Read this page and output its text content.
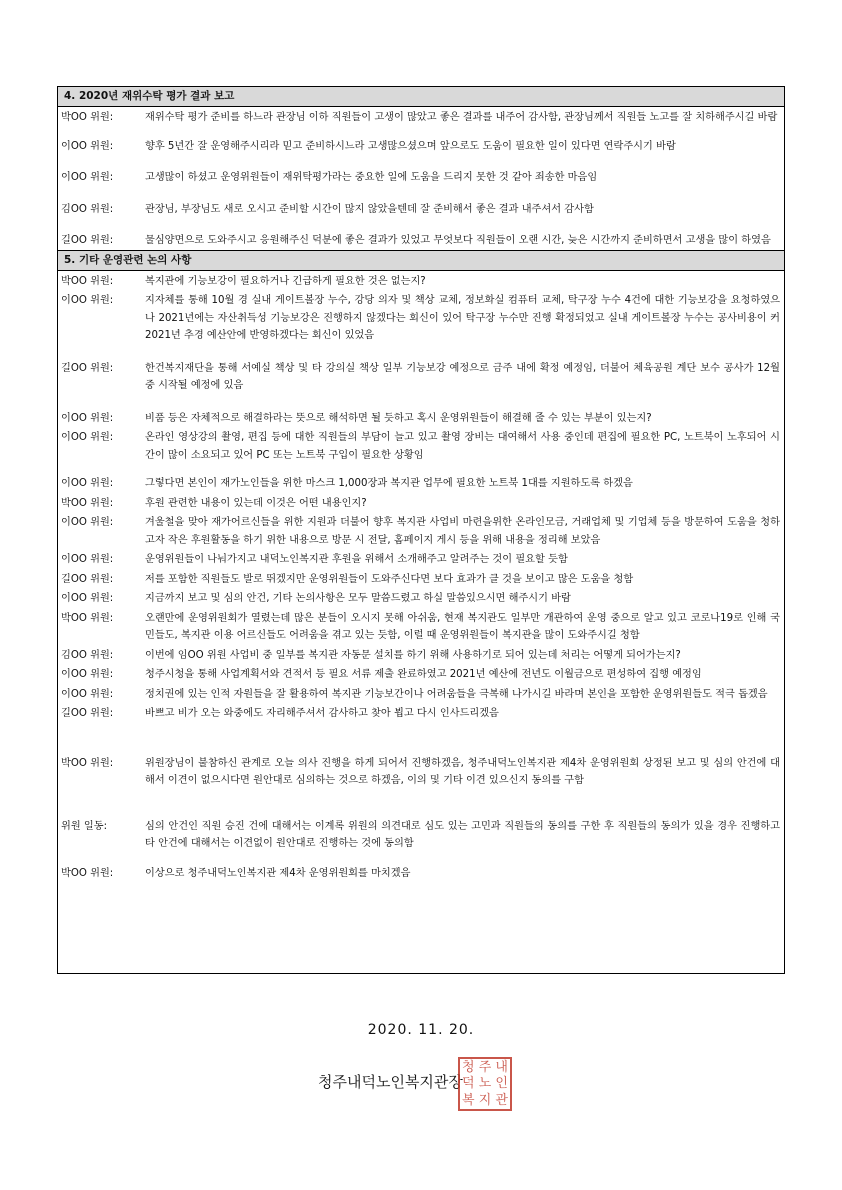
4. 2020년 재위수탁 평가 결과 보고
박OO 위원:	재위수탁 평가 준비를 하느라 관장님 이하 직원들이 고생이 많았고 좋은 결과를 내주어 감사함, 관장님께서 직원들 노고를 잘 치하해주시길 바람
이OO 위원:	향후 5년간 잘 운영해주시리라 믿고 준비하시느라 고생많으셨으며 앞으로도 도움이 필요한 일이 있다면 연락주시기 바람
이OO 위원:	고생많이 하셨고 운영위원들이 재위탁평가라는 중요한 일에 도움을 드리지 못한 것 같아 죄송한 마음임
김OO 위원:	관장님, 부장님도 새로 오시고 준비할 시간이 많지 않았을텐데 잘 준비해서 좋은 결과 내주셔서 감사함
길OO 위원:	물심양면으로 도와주시고 응원해주신 덕분에 좋은 결과가 있었고 무엇보다 직원들이 오랜 시간, 늦은 시간까지 준비하면서 고생을 많이 하였음
5. 기타 운영관련 논의 사항
박OO 위원:	복지관에 기능보강이 필요하거나 긴급하게 필요한 것은 없는지?
이OO 위원:	지자체를 통해 10월 경 실내 게이트볼장 누수, 강당 의자 및 책상 교체, 정보화실 컴퓨터 교체, 탁구장 누수 4건에 대한 기능보강을 요청하였으나 2021년에는 자산취득성 기능보강은 진행하지 않겠다는 회신이 있어 탁구장 누수만 진행 확정되었고 실내 게이트볼장 누수는 공사비용이 커 2021년 추경 예산안에 반영하겠다는 회신이 있었음
길OO 위원:	한건복지재단을 통해 서예실 책상 및 타 강의실 책상 일부 기능보강 예정으로 금주 내에 확정 예정임, 더불어 체육공원 계단 보수 공사가 12월 중 시작될 예정에 있음
이OO 위원:	비품 등은 자체적으로 해결하라는 뜻으로 해석하면 될 듯하고 혹시 운영위원들이 해결해 줄 수 있는 부분이 있는지?
이OO 위원:	온라인 영상강의 촬영, 편집 등에 대한 직원들의 부담이 늘고 있고 촬영 장비는 대여해서 사용 중인데 편집에 필요한 PC, 노트북이 노후되어 시간이 많이 소요되고 있어 PC 또는 노트북 구입이 필요한 상황임
이OO 위원:	그렇다면 본인이 재가노인들을 위한 마스크 1,000장과 복지관 업무에 필요한 노트북 1대를 지원하도록 하겠음
박OO 위원:	후원 관련한 내용이 있는데 이것은 어떤 내용인지?
이OO 위원:	겨울철을 맞아 재가어르신들을 위한 지원과 더불어 향후 복지관 사업비 마련을위한 온라인모금, 거래업체 및 기업체 등을 방문하여 도움을 청하고자 작은 후원활동을 하기 위한 내용으로 방문 시 전달, 홈페이지 게시 등을 위해 내용을 정리해 보았음
이OO 위원:	운영위원들이 나눠가지고 내덕노인복지관 후원을 위해서 소개해주고 알려주는 것이 필요할 듯함
길OO 위원:	저를 포함한 직원들도 발로 뛰겠지만 운영위원들이 도와주신다면 보다 효과가 클 것을 보이고 많은 도움을 청함
이OO 위원:	지금까지 보고 및 심의 안건, 기타 논의사항은 모두 말씀드렸고 하실 말씀있으시면 해주시기 바람
박OO 위원:	오랜만에 운영위원회가 열렸는데 많은 분들이 오시지 못해 아쉬움, 현재 복지관도 일부만 개관하여 운영 중으로 알고 있고 코로나19로 인해 국민들도, 복지관 이용 어르신들도 어려움을 겪고 있는 듯함, 이럴 때 운영위원들이 복지관을 많이 도와주시길 청함
김OO 위원:	이번에 임OO 위원 사업비 중 일부를 복지관 자동문 설치를 하기 위해 사용하기로 되어 있는데 처리는 어떻게 되어가는지?
이OO 위원:	청주시청을 통해 사업계획서와 견적서 등 필요 서류 제출 완료하였고 2021년 예산에 전년도 이월금으로 편성하여 집행 예정임
이OO 위원:	정치권에 있는 인적 자원들을 잘 활용하여 복지관 기능보간이나 어려움들을 극복해 나가시길 바라며 본인을 포함한 운영위원들도 적극 돕겠음
길OO 위원:	바쁘고 비가 오는 와중에도 자리해주셔서 감사하고 찾아 뵙고 다시 인사드리겠음
박OO 위원:	위원장님이 불참하신 관계로 오늘 의사 진행을 하게 되어서 진행하겠음, 청주내덕노인복지관 제4차 운영위원회 상정된 보고 및 심의 안건에 대해서 이견이 없으시다면 원안대로 심의하는 것으로 하겠음, 이의 및 기타 이견 있으신지 동의를 구함
위원 일동:	심의 안건인 직원 승진 건에 대해서는 이계록 위원의 의견대로 심도 있는 고민과 직원들의 동의를 구한 후 직원들의 동의가 있을 경우 진행하고 타 안건에 대해서는 이견없이 원안대로 진행하는 것에 동의함
박OO 위원:	이상으로 청주내덕노인복지관 제4차 운영위원회를 마치겠음
2020. 11. 20.
청주내덕노인복지관장
청 주 내
덕 노 인
복 지 관
